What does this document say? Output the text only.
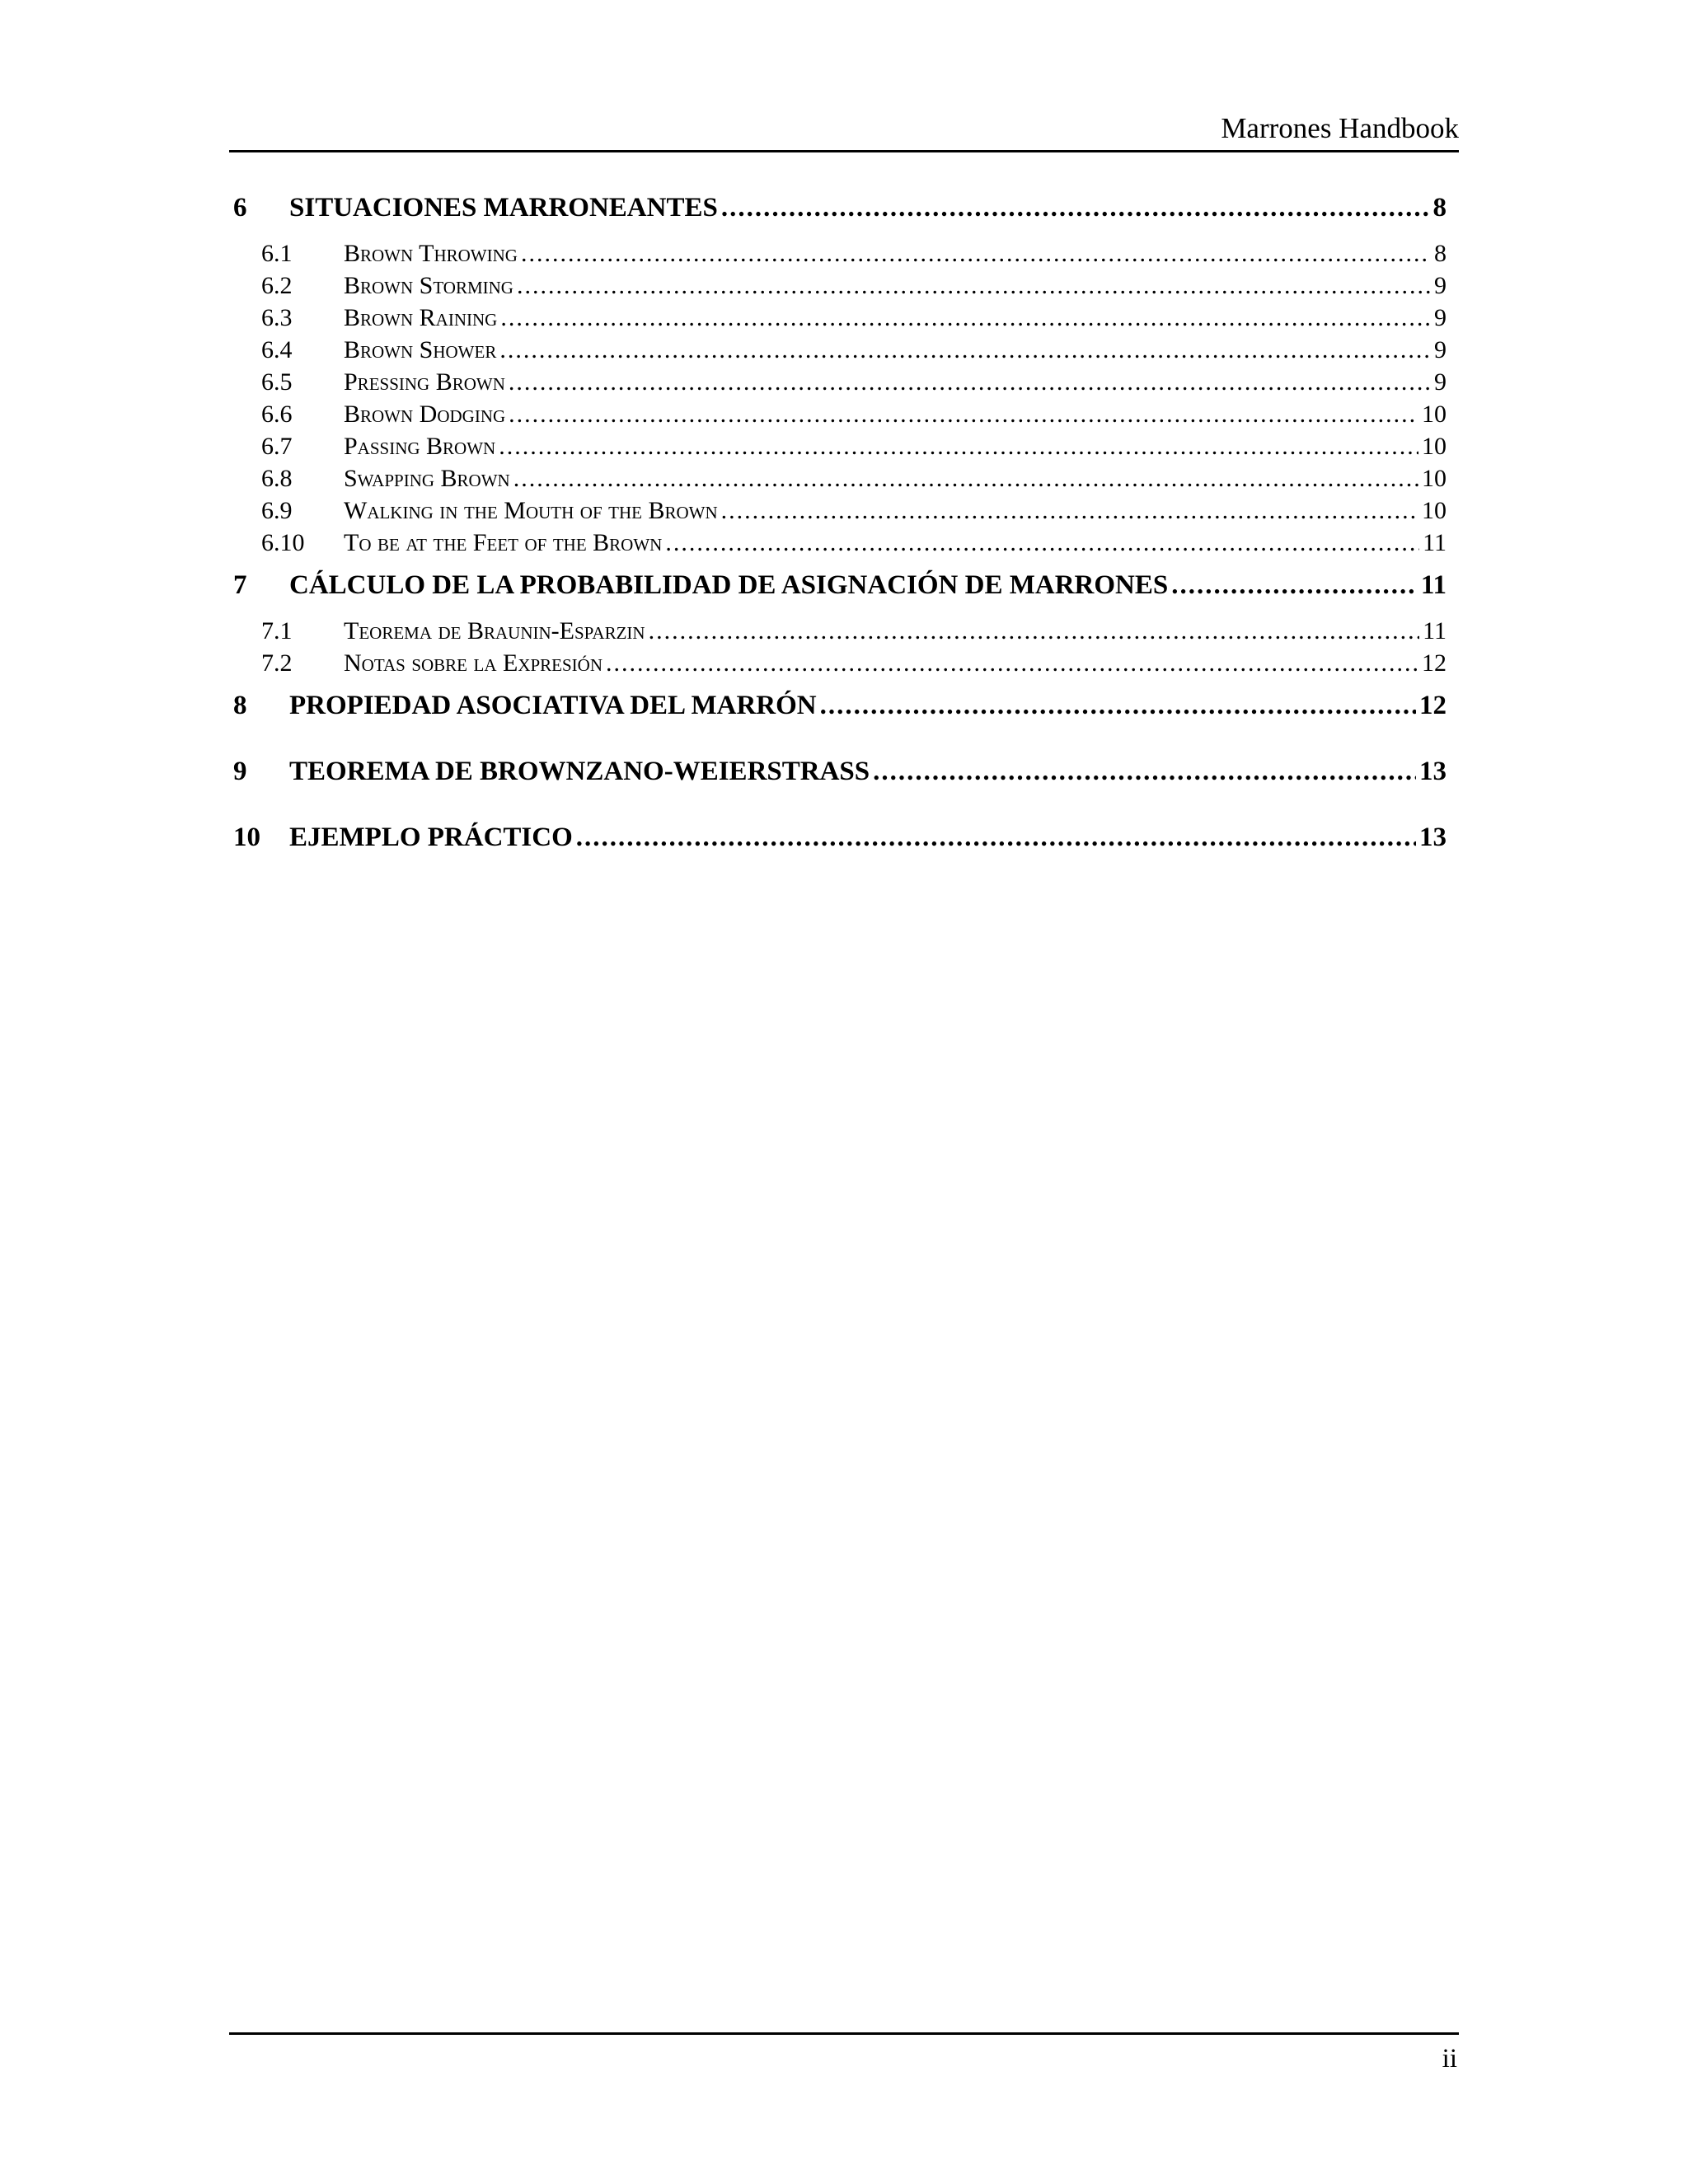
Marrones Handbook
6	SITUACIONES MARRONEANTES .....	8
6.1	Brown Throwing .....	8
6.2	Brown Storming .....	9
6.3	Brown Raining .....	9
6.4	Brown Shower .....	9
6.5	Pressing Brown .....	9
6.6	Brown Dodging .....	10
6.7	Passing Brown .....	10
6.8	Swapping Brown .....	10
6.9	Walking in the Mouth of the Brown .....	10
6.10	To be at the Feet of the Brown .....	11
7	CÁLCULO DE LA PROBABILIDAD DE ASIGNACIÓN DE MARRONES .....	11
7.1	Teorema de Braunin-Esparzin .....	11
7.2	Notas sobre la Expresión .....	12
8	PROPIEDAD ASOCIATIVA DEL MARRÓN .....	12
9	TEOREMA DE BROWNZANO-WEIERSTRASS .....	13
10	EJEMPLO PRÁCTICO .....	13
ii
